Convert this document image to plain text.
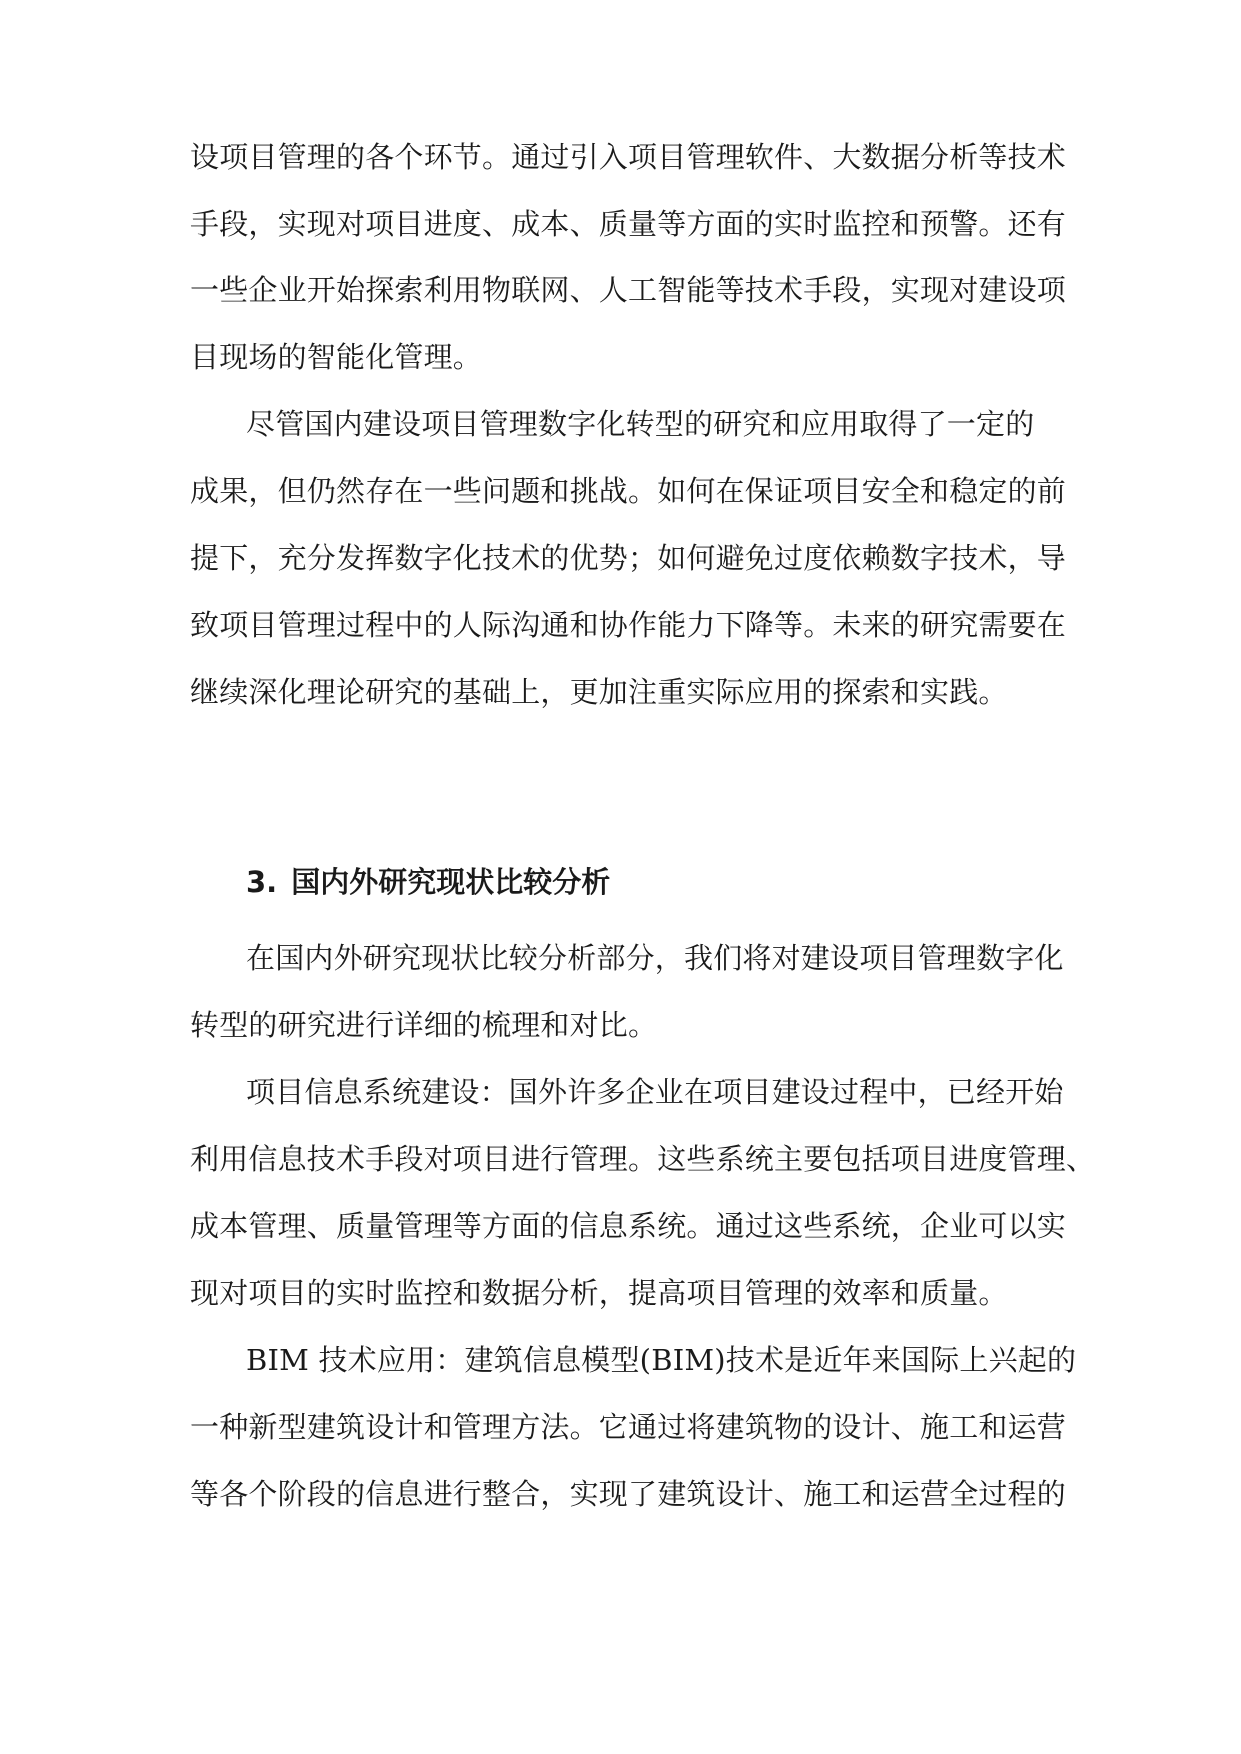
设项目管理的各个环节。通过引入项目管理软件、大数据分析等技术
手段，实现对项目进度、成本、质量等方面的实时监控和预警。还有
一些企业开始探索利用物联网、人工智能等技术手段，实现对建设项
目现场的智能化管理。
尽管国内建设项目管理数字化转型的研究和应用取得了一定的
成果，但仍然存在一些问题和挑战。如何在保证项目安全和稳定的前
提下，充分发挥数字化技术的优势；如何避免过度依赖数字技术，导
致项目管理过程中的人际沟通和协作能力下降等。未来的研究需要在
继续深化理论研究的基础上，更加注重实际应用的探索和实践。
3. 国内外研究现状比较分析
在国内外研究现状比较分析部分，我们将对建设项目管理数字化
转型的研究进行详细的梳理和对比。
项目信息系统建设：国外许多企业在项目建设过程中，已经开始
利用信息技术手段对项目进行管理。这些系统主要包括项目进度管理、
成本管理、质量管理等方面的信息系统。通过这些系统，企业可以实
现对项目的实时监控和数据分析，提高项目管理的效率和质量。
BIM 技术应用：建筑信息模型(BIM)技术是近年来国际上兴起的
一种新型建筑设计和管理方法。它通过将建筑物的设计、施工和运营
等各个阶段的信息进行整合，实现了建筑设计、施工和运营全过程的
